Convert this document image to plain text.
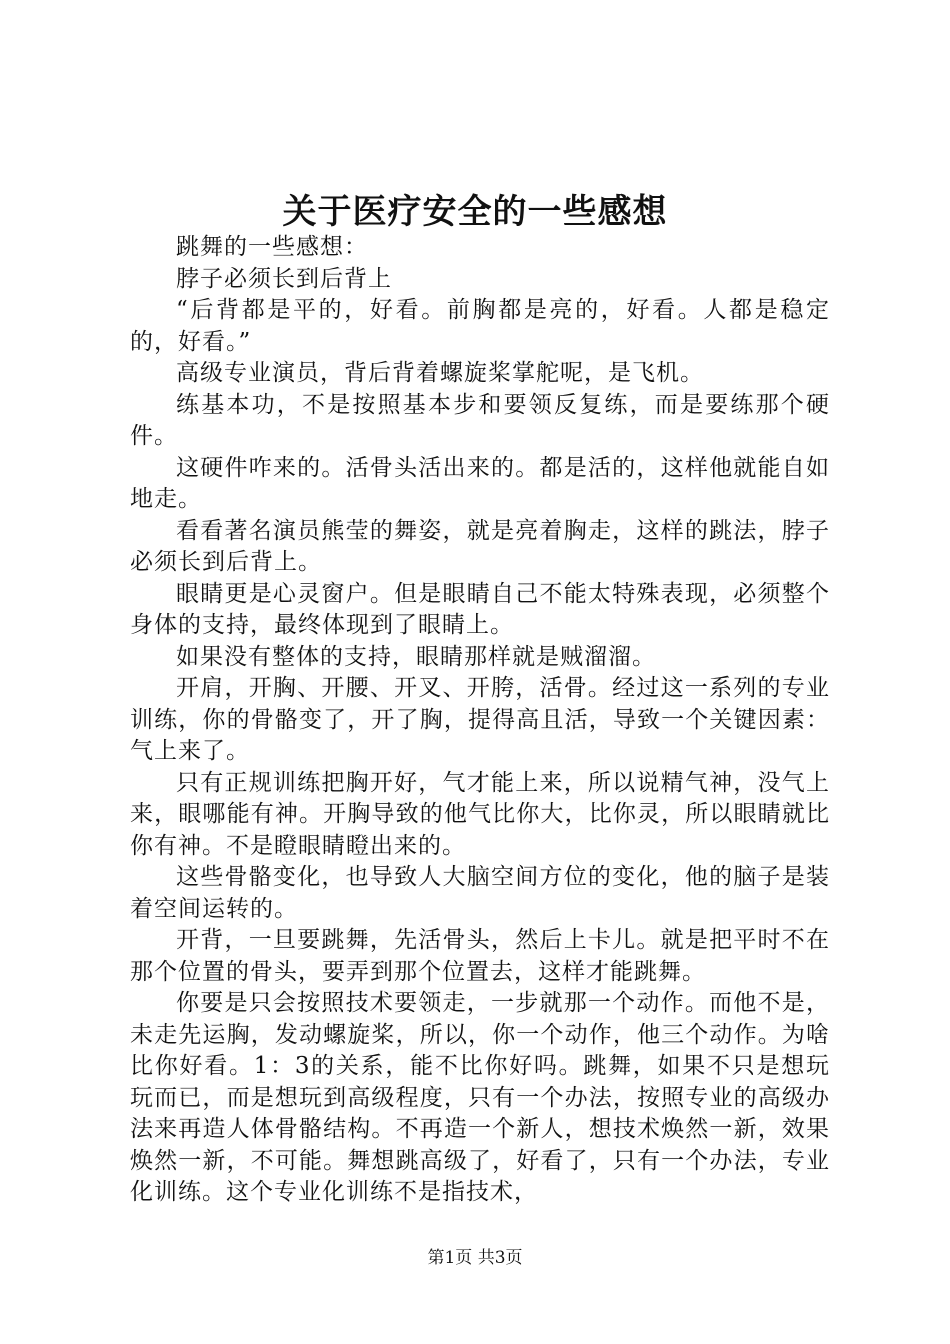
关于医疗安全的一些感想

跳舞的一些感想：

脖子必须长到后背上

“后背都是平的，好看。前胸都是亮的，好看。人都是稳定的，好看。”

高级专业演员，背后背着螺旋桨掌舵呢，是飞机。

练基本功，不是按照基本步和要领反复练，而是要练那个硬件。

这硬件咋来的。活骨头活出来的。都是活的，这样他就能自如地走。

看看著名演员熊莹的舞姿，就是亮着胸走，这样的跳法，脖子必须长到后背上。

眼睛更是心灵窗户。但是眼睛自己不能太特殊表现，必须整个身体的支持，最终体现到了眼睛上。

如果没有整体的支持，眼睛那样就是贼溜溜。

开肩，开胸、开腰、开叉、开胯，活骨。经过这一系列的专业训练，你的骨骼变了，开了胸，提得高且活，导致一个关键因素：气上来了。

只有正规训练把胸开好，气才能上来，所以说精气神，没气上来，眼哪能有神。开胸导致的他气比你大，比你灵，所以眼睛就比你有神。不是瞪眼睛瞪出来的。

这些骨骼变化，也导致人大脑空间方位的变化，他的脑子是装着空间运转的。

开背，一旦要跳舞，先活骨头，然后上卡儿。就是把平时不在那个位置的骨头，要弄到那个位置去，这样才能跳舞。

你要是只会按照技术要领走，一步就那一个动作。而他不是，未走先运胸，发动螺旋桨，所以，你一个动作，他三个动作。为啥比你好看。1：3的关系，能不比你好吗。跳舞，如果不只是想玩玩而已，而是想玩到高级程度，只有一个办法，按照专业的高级办法来再造人体骨骼结构。不再造一个新人，想技术焕然一新，效果焕然一新，不可能。舞想跳高级了，好看了，只有一个办法，专业化训练。这个专业化训练不是指技术，

第1页 共3页
